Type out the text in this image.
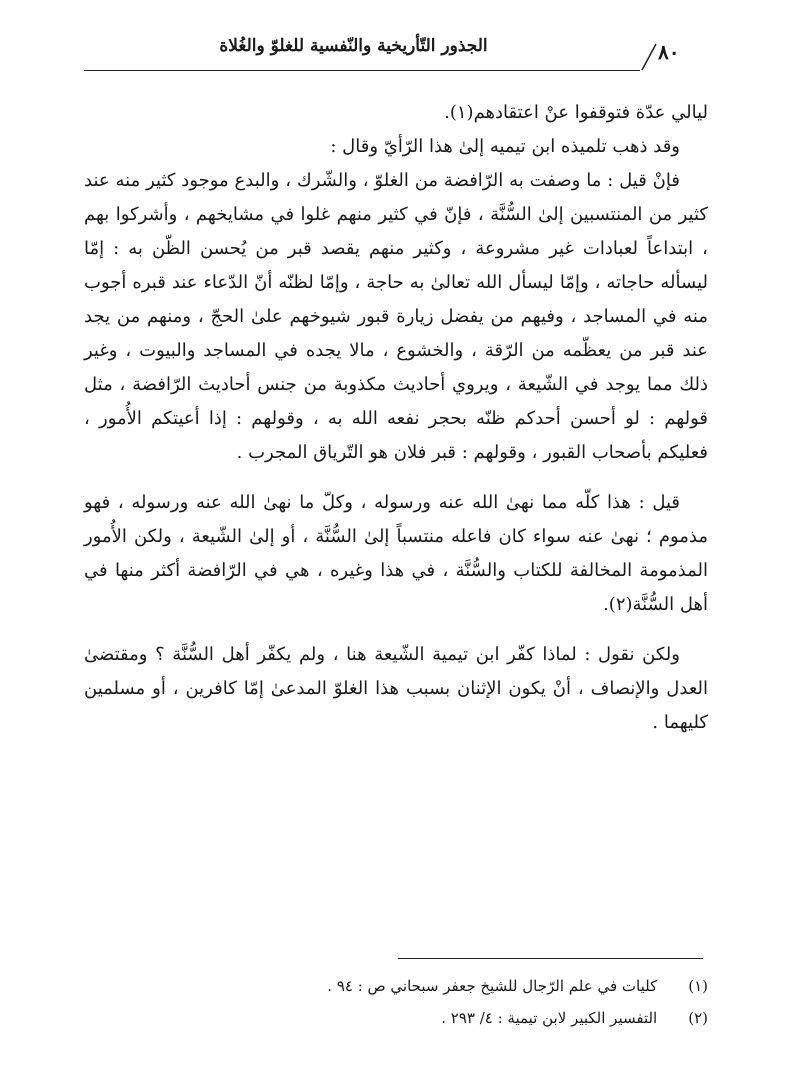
٨٠
الجذور التّأريخية والنّفسية للغلوّ والغُلاة

ليالي عدّة فتوقفوا عنْ اعتقادهم(١).

وقد ذهب تلميذه ابن تيميه إلىٰ هذا الرّأيّ وقال :

فإنْ قيل : ما وصفت به الرّافضة من الغلوّ ، والشّرك ، والبدع موجود كثير منه عند كثير من المنتسبين إلىٰ السُّنَّة ، فإنّ في كثير منهم غلوا في مشايخهم ، وأشركوا بهم ، ابتداعاً لعبادات غير مشروعة ، وكثير منهم يقصد قبر من يُحسن الظّن به : إمّا ليسأله حاجاته ، وإمّا ليسأل الله تعالىٰ به حاجة ، وإمّا لظنّه أنّ الدّعاء عند قبره أجوب منه في المساجد ، وفيهم من يفضل زيارة قبور شيوخهم علىٰ الحجّ ، ومنهم من يجد عند قبر من يعظّمه من الرّقة ، والخشوع ، مالا يجده في المساجد والبيوت ، وغير ذلك مما يوجد في الشّيعة ، ويروي أحاديث مكذوبة من جنس أحاديث الرّافضة ، مثل قولهم : لو أحسن أحدكم ظنّه بحجر نفعه الله به ، وقولهم : إذا أعيتكم الأُمور ، فعليكم بأصحاب القبور ، وقولهم : قبر فلان هو التّرياق المجرب .

قيل : هذا كلّه مما نهىٰ الله عنه ورسوله ، وكلّ ما نهىٰ الله عنه ورسوله ، فهو مذموم ؛ نهىٰ عنه سواء كان فاعله منتسباً إلىٰ السُّنَّة ، أو إلىٰ الشّيعة ، ولكن الأُمور المذمومة المخالفة للكتاب والسُّنَّة ، في هذا وغيره ، هي في الرّافضة أكثر منها في أهل السُّنَّة(٢).

ولكن نقول : لماذا كفّر ابن تيمية الشّيعة هنا ، ولم يكفّر أهل السُّنَّة ؟ ومقتضىٰ العدل والإنصاف ، أنْ يكون الإثنان بسبب هذا الغلوّ المدعىٰ إمّا كافرين ، أو مسلمين كليهما .

(١) كليات في علم الرّجال للشيخ جعفر سبحاني ص : ٩٤ .
(٢) التفسير الكبير لابن تيمية : ٤/ ٢٩٣ .
